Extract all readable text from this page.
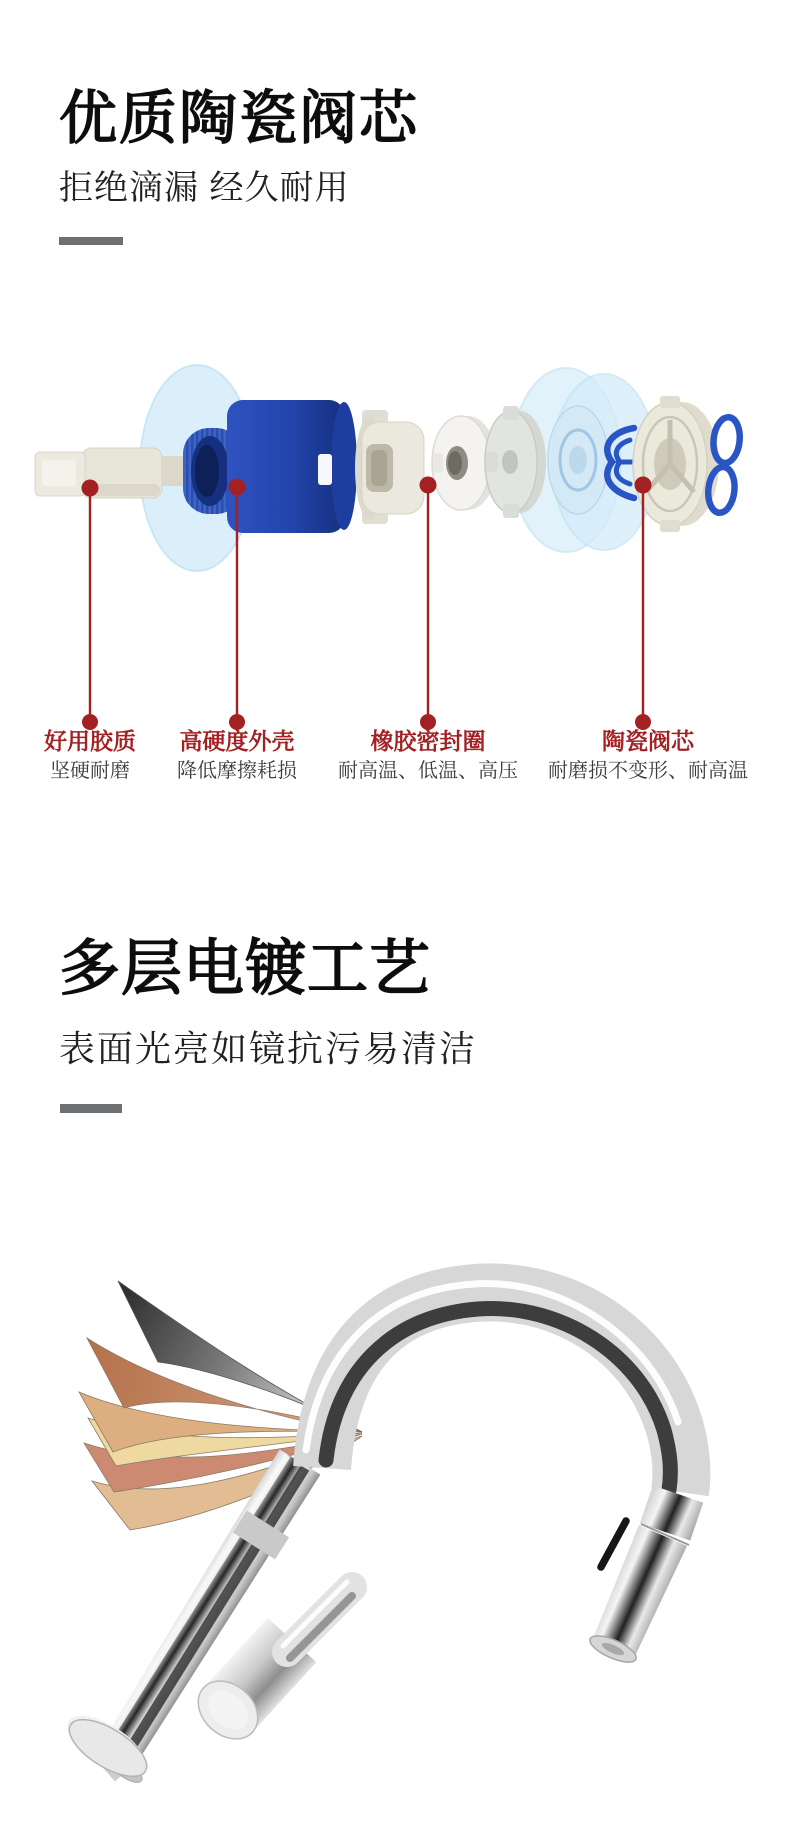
优质陶瓷阀芯
拒绝滴漏 经久耐用
好用胶质
坚硬耐磨
高硬度外壳
降低摩擦耗损
橡胶密封圈
耐高温、低温、高压
陶瓷阀芯
耐磨损不变形、耐高温
多层电镀工艺
表面光亮如镜抗污易清洁
